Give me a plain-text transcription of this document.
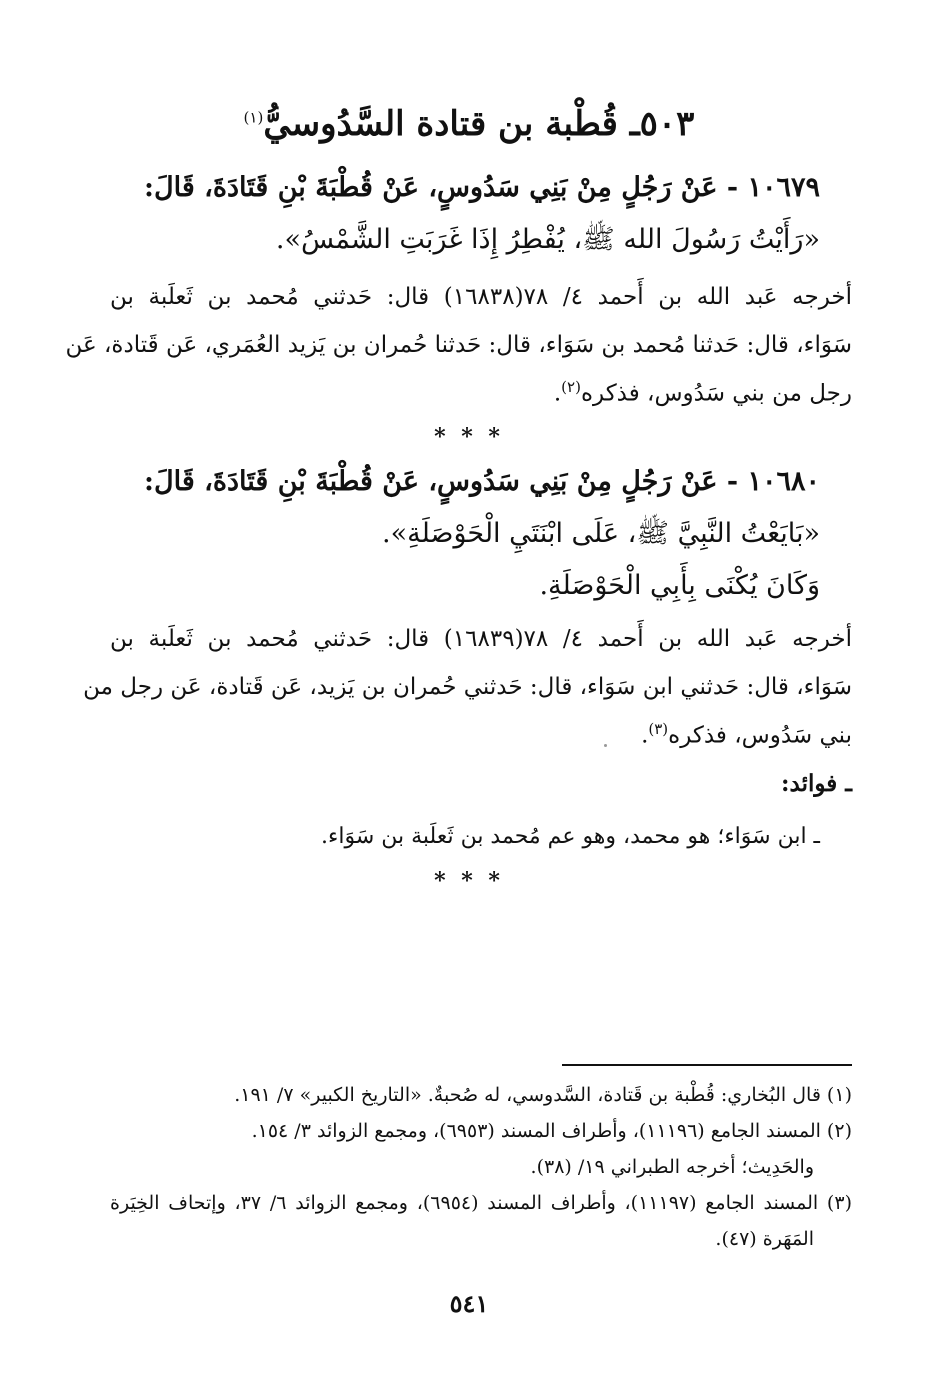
٥٠٣ـ قُطْبة بن قتادة السَّدُوسيُّ$^{(١)}$
١٠٦٧٩ - عَنْ رَجُلٍ مِنْ بَنِي سَدُوسٍ، عَنْ قُطْبَةَ بْنِ قَتَادَةَ، قَالَ:
«رَأَيْتُ رَسُولَ الله ﷺ، يُفْطِرُ إِذَا غَرَبَتِ الشَّمْسُ».
أخرجه عَبد الله بن أَحمد ٤/ ٧٨(١٦٨٣٨) قال: حَدثني مُحمد بن ثَعلَبة بن
سَوَاء، قال: حَدثنا مُحمد بن سَوَاء، قال: حَدثنا حُمران بن يَزيد العُمَري، عَن قَتادة، عَن
رجل من بني سَدُوس، فذكره$^{(٢)}$.
* * *
١٠٦٨٠ - عَنْ رَجُلٍ مِنْ بَنِي سَدُوسٍ، عَنْ قُطْبَةَ بْنِ قَتَادَةَ، قَالَ:
«بَايَعْتُ النَّبِيَّ ﷺ، عَلَى ابْنَتَيِ الْحَوْصَلَةِ».
وَكَانَ يُكْنَى بِأَبِي الْحَوْصَلَةِ.
أخرجه عَبد الله بن أَحمد ٤/ ٧٨(١٦٨٣٩) قال: حَدثني مُحمد بن ثَعلَبة بن
سَوَاء، قال: حَدثني ابن سَوَاء، قال: حَدثني حُمران بن يَزيد، عَن قَتادة، عَن رجل من
بني سَدُوس، فذكره$^{(٣)}$.
ـ فوائد:
ـ ابن سَوَاء؛ هو محمد، وهو عم مُحمد بن ثَعلَبة بن سَوَاء.
* * *
(١) قال البُخاري: قُطْبة بن قَتادة، السَّدوسي، له صُحبةٌ. «التاريخ الكبير» ٧/ ١٩١.
(٢) المسند الجامع (١١١٩٦)، وأطراف المسند (٦٩٥٣)، ومجمع الزوائد ٣/ ١٥٤.
والحَدِيث؛ أخرجه الطبراني ١٩/ (٣٨).
(٣) المسند الجامع (١١١٩٧)، وأطراف المسند (٦٩٥٤)، ومجمع الزوائد ٦/ ٣٧، وإتحاف الخِيَرة
المَهَرة (٤٧).
٥٤١
